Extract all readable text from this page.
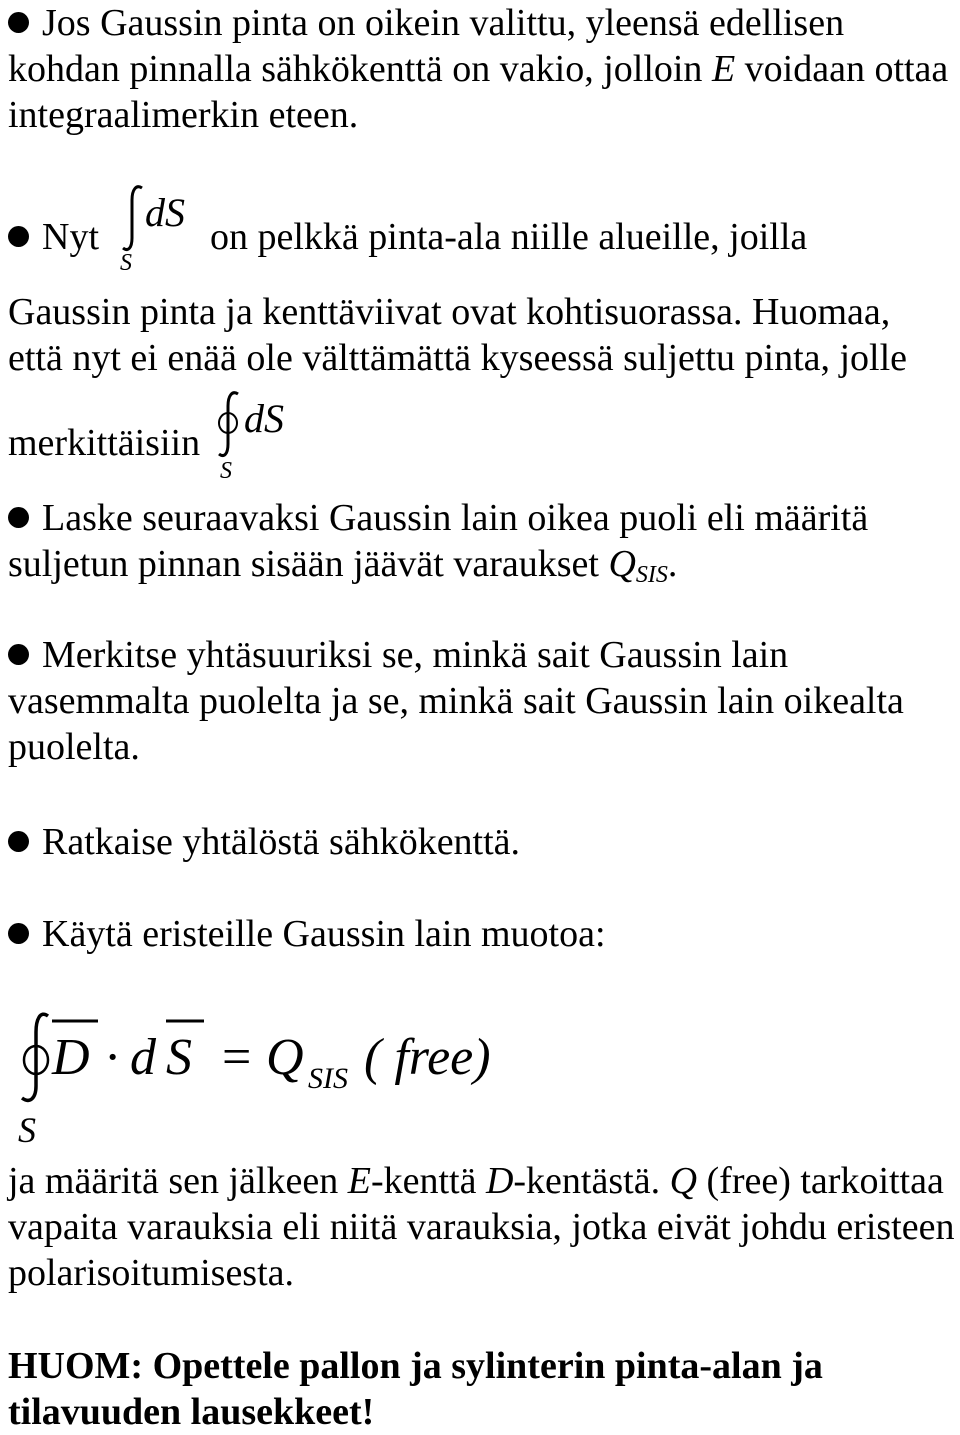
Jos Gaussin pinta on oikein valittu, yleensä edellisen kohdan pinnalla sähkökenttä on vakio, jolloin E voidaan ottaa integraalimerkin eteen.
Nyt
dS
S
on pelkkä pinta-ala niille alueille, joilla
Gaussin pinta ja kenttäviivat ovat kohtisuorassa. Huomaa,
että nyt ei enää ole välttämättä kyseessä suljettu pinta, jolle
merkittäisiin
dS
S
Laske seuraavaksi Gaussin lain oikea puoli eli määritä suljetun pinnan sisään jäävät varaukset $Q_{SIS}$.
Merkitse yhtäsuuriksi se, minkä sait Gaussin lain vasemmalta puolelta ja se, minkä sait Gaussin lain oikealta puolelta.
Ratkaise yhtälöstä sähkökenttä.
Käytä eristeille Gaussin lain muotoa:
D · d S = Q SIS ( free)
S
ja määritä sen jälkeen E-kenttä D-kentästä. Q (free) tarkoittaa vapaita varauksia eli niitä varauksia, jotka eivät johdu eristeen polarisoitumisesta.
HUOM: Opettele pallon ja sylinterin pinta-alan ja tilavuuden lausekkeet!
